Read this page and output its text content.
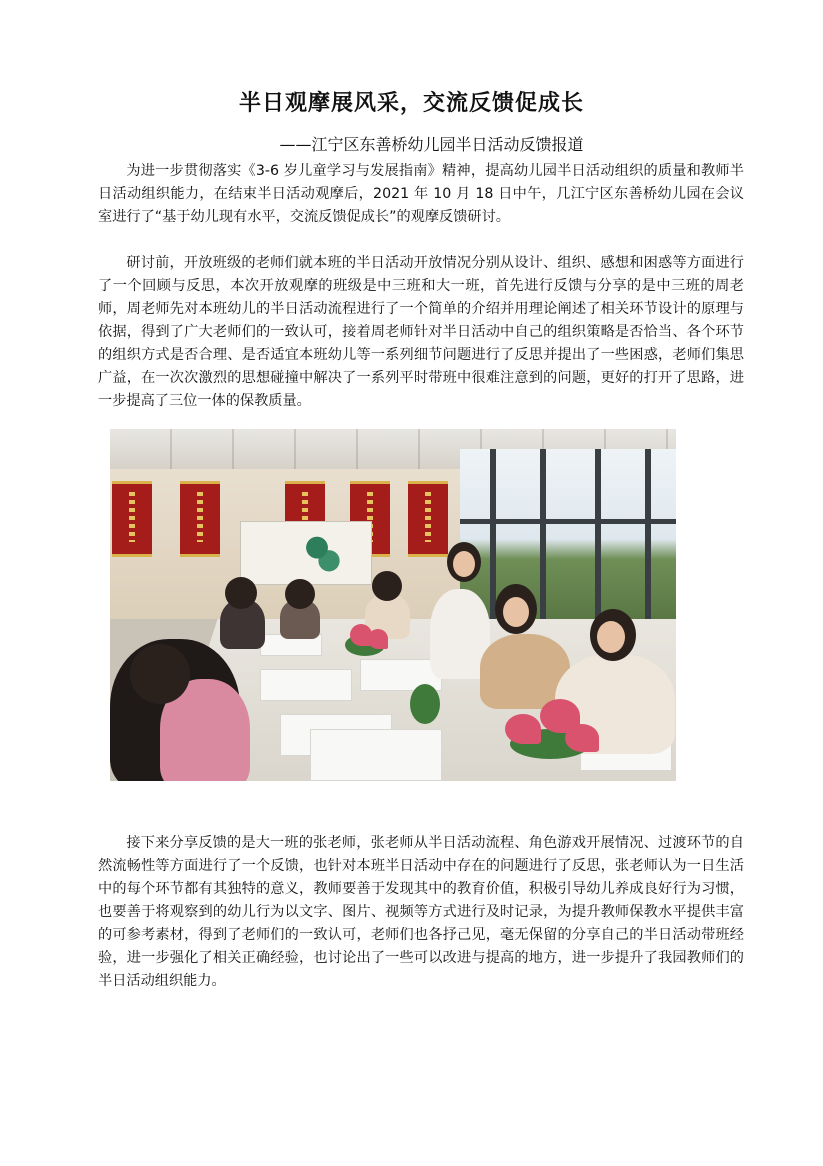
半日观摩展风采，交流反馈促成长

——江宁区东善桥幼儿园半日活动反馈报道

为进一步贯彻落实《3-6 岁儿童学习与发展指南》精神，提高幼儿园半日活动组织的质量和教师半日活动组织能力，在结束半日活动观摩后，2021 年 10 月 18 日中午，几江宁区东善桥幼儿园在会议室进行了“基于幼儿现有水平，交流反馈促成长”的观摩反馈研讨。

研讨前，开放班级的老师们就本班的半日活动开放情况分别从设计、组织、感想和困惑等方面进行了一个回顾与反思，本次开放观摩的班级是中三班和大一班，首先进行反馈与分享的是中三班的周老师，周老师先对本班幼儿的半日活动流程进行了一个简单的介绍并用理论阐述了相关环节设计的原理与依据，得到了广大老师们的一致认可，接着周老师针对半日活动中自己的组织策略是否恰当、各个环节的组织方式是否合理、是否适宜本班幼儿等一系列细节问题进行了反思并提出了一些困惑，老师们集思广益，在一次次激烈的思想碰撞中解决了一系列平时带班中很难注意到的问题，更好的打开了思路，进一步提高了三位一体的保教质量。

接下来分享反馈的是大一班的张老师，张老师从半日活动流程、角色游戏开展情况、过渡环节的自然流畅性等方面进行了一个反馈，也针对本班半日活动中存在的问题进行了反思，张老师认为一日生活中的每个环节都有其独特的意义，教师要善于发现其中的教育价值，积极引导幼儿养成良好行为习惯，也要善于将观察到的幼儿行为以文字、图片、视频等方式进行及时记录，为提升教师保教水平提供丰富的可参考素材，得到了老师们的一致认可，老师们也各抒己见，毫无保留的分享自己的半日活动带班经验，进一步强化了相关正确经验，也讨论出了一些可以改进与提高的地方，进一步提升了我园教师们的半日活动组织能力。
